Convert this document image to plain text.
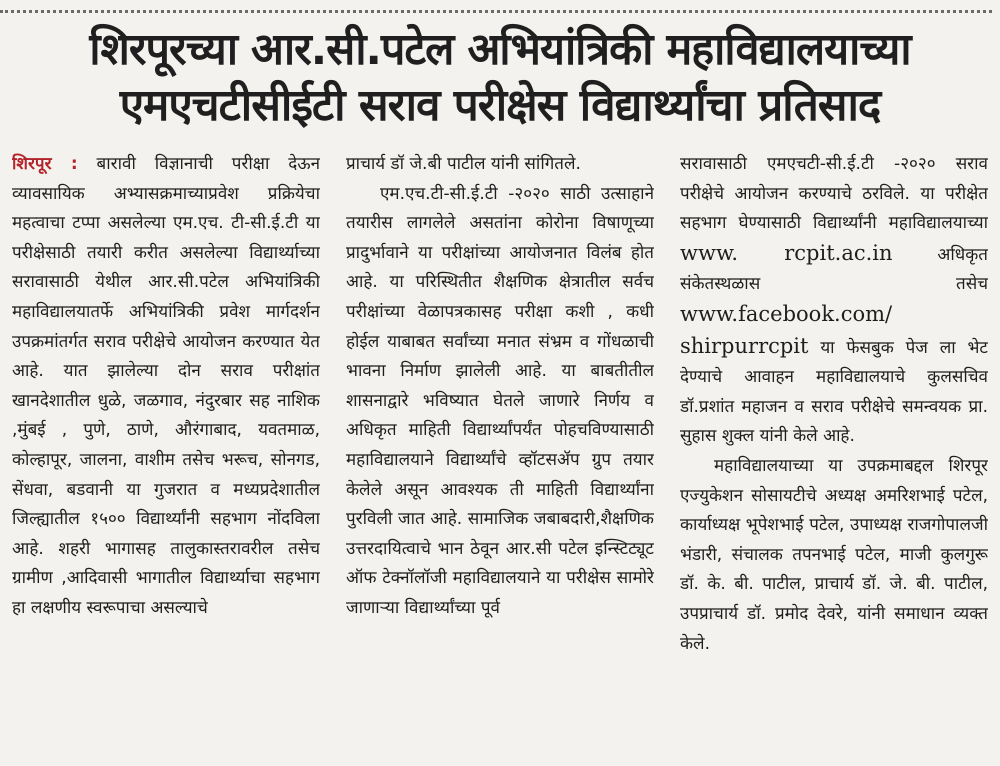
शिरपूरच्या आर.सी.पटेल अभियांत्रिकी महाविद्यालयाच्या
एमएचटीसीईटी सराव परीक्षेस विद्यार्थ्यांचा प्रतिसाद

शिरपूर : बारावी विज्ञानाची परीक्षा देऊन व्यावसायिक अभ्यासक्रमाच्याप्रवेश प्रक्रियेचा महत्वाचा टप्पा असलेल्या एम.एच. टी-सी.ई.टी या परीक्षेसाठी तयारी करीत असलेल्या विद्यार्थ्याच्या सरावासाठी येथील आर.सी.पटेल अभियांत्रिकी महाविद्यालयातर्फे अभियांत्रिकी प्रवेश मार्गदर्शन उपक्रमांतर्गत सराव परीक्षेचे आयोजन करण्यात येत आहे. यात झालेल्या दोन सराव परीक्षांत खानदेशातील धुळे, जळगाव, नंदुरबार सह नाशिक ,मुंबई , पुणे, ठाणे, औरंगाबाद, यवतमाळ, कोल्हापूर, जालना, वाशीम तसेच भरूच, सोनगड, सेंधवा, बडवानी या गुजरात व मध्यप्रदेशातील जिल्ह्यातील १५०० विद्यार्थ्यांनी सहभाग नोंदविला आहे. शहरी भागासह तालुकास्तरावरील तसेच ग्रामीण ,आदिवासी भागातील विद्यार्थ्याचा सहभाग हा लक्षणीय स्वरूपाचा असल्याचे

प्राचार्य डॉ जे.बी पाटील यांनी सांगितले.

एम.एच.टी-सी.ई.टी -२०२० साठी उत्साहाने तयारीस लागलेले असतांना कोरोना विषाणूच्या प्रादुर्भावाने या परीक्षांच्या आयोजनात विलंब होत आहे. या परिस्थितीत शैक्षणिक क्षेत्रातील सर्वच परीक्षांच्या वेळापत्रकासह परीक्षा कशी , कधी होईल याबाबत सर्वांच्या मनात संभ्रम व गोंधळाची भावना निर्माण झालेली आहे. या बाबतीतील शासनाद्वारे भविष्यात घेतले जाणारे निर्णय व अधिकृत माहिती विद्यार्थ्यांपर्यंत पोहचविण्यासाठी महाविद्यालयाने विद्यार्थ्यांचे व्हॉटसॲप ग्रुप तयार केलेले असून आवश्यक ती माहिती विद्यार्थ्यांना पुरविली जात आहे. सामाजिक जबाबदारी,शैक्षणिक उत्तरदायित्वाचे भान ठेवून आर.सी पटेल इन्स्टिट्यूट ऑफ टेक्नॉलॉजी महाविद्यालयाने या परीक्षेस सामोरे जाणाऱ्या विद्यार्थ्यांच्या पूर्व

सरावासाठी एमएचटी-सी.ई.टी -२०२० सराव परीक्षेचे आयोजन करण्याचे ठरविले. या परीक्षेत सहभाग घेण्यासाठी विद्यार्थ्यांनी महाविद्यालयाच्या www. rcpit.ac.in	अधिकृत संकेतस्थळास तसेच www.facebook.com/ shirpurrcpit या फेसबुक पेज ला भेट देण्याचे आवाहन महाविद्यालयाचे कुलसचिव डॉ.प्रशांत महाजन व सराव परीक्षेचे समन्वयक प्रा. सुहास शुक्ल यांनी केले आहे.

महाविद्यालयाच्या या उपक्रमाबद्दल शिरपूर एज्युकेशन सोसायटीचे अध्यक्ष अमरिशभाई पटेल, कार्याध्यक्ष भूपेशभाई पटेल, उपाध्यक्ष राजगोपालजी भंडारी, संचालक तपनभाई पटेल, माजी कुलगुरू डॉ. के. बी. पाटील, प्राचार्य डॉ. जे. बी. पाटील, उपप्राचार्य डॉ. प्रमोद देवरे, यांनी समाधान व्यक्त केले.
